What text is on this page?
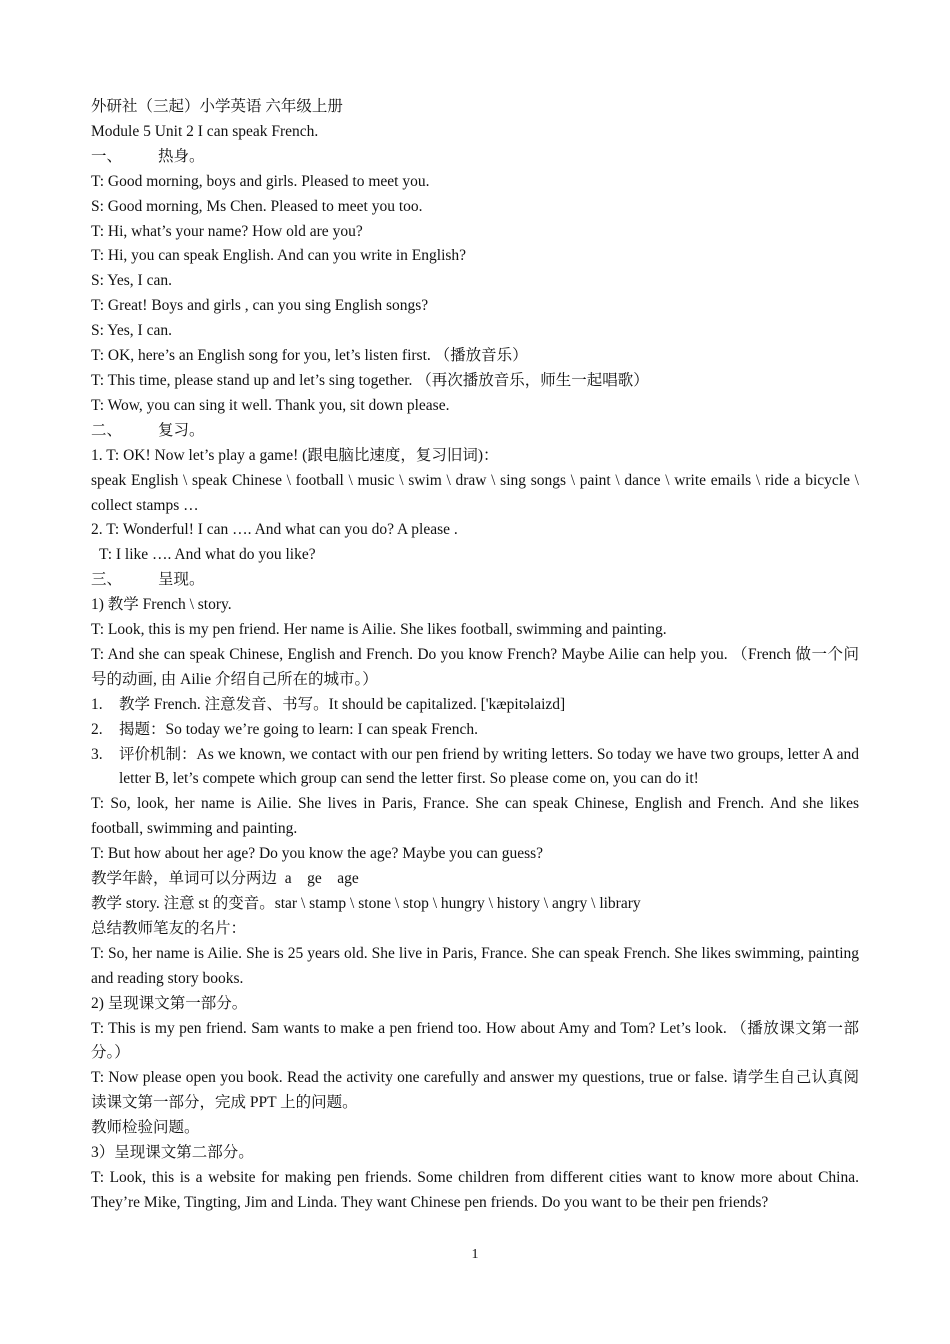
外研社（三起）小学英语 六年级上册
Module 5 Unit 2 I can speak French.
一、	热身。
T: Good morning, boys and girls. Pleased to meet you.
S: Good morning, Ms Chen. Pleased to meet you too.
T: Hi, what’s your name? How old are you?
T: Hi, you can speak English. And can you write in English?
S: Yes, I can.
T: Great! Boys and girls , can you sing English songs?
S: Yes, I can.
T: OK, here’s an English song for you, let’s listen first. （播放音乐）
T: This time, please stand up and let’s sing together. （再次播放音乐，师生一起唱歌）
T: Wow, you can sing it well. Thank you, sit down please.
二、	复习。
1. T: OK! Now let’s play a game! (跟电脑比速度，复习旧词)：
speak English \ speak Chinese \ football \ music \ swim \ draw \ sing songs \ paint \ dance \ write emails \ ride a bicycle \ collect stamps …
2. T: Wonderful! I can …. And what can you do? A please .
T: I like …. And what do you like?
三、	呈现。
1) 教学 French \ story.
T: Look, this is my pen friend. Her name is Ailie. She likes football, swimming and painting.
T: And she can speak Chinese, English and French. Do you know French? Maybe Ailie can help you. （French 做一个问号的动画, 由 Ailie 介绍自己所在的城市。）
1.	教学 French. 注意发音、书写。It should be capitalized. ['kæpitəlaizd]
2.	揭题：So today we’re going to learn: I can speak French.
3.	评价机制：As we known, we contact with our pen friend by writing letters. So today we have two groups, letter A and letter B, let’s compete which group can send the letter first. So please come on, you can do it!
T: So, look, her name is Ailie. She lives in Paris, France. She can speak Chinese, English and French. And she likes football, swimming and painting.
T: But how about her age? Do you know the age? Maybe you can guess?
教学年龄，单词可以分两边  a    ge    age
教学 story. 注意 st 的变音。star \ stamp \ stone \ stop \ hungry \ history \ angry \ library
总结教师笔友的名片：
T: So, her name is Ailie. She is 25 years old. She live in Paris, France. She can speak French. She likes swimming, painting and reading story books.
2) 呈现课文第一部分。
T: This is my pen friend. Sam wants to make a pen friend too. How about Amy and Tom? Let’s look. （播放课文第一部分。）
T: Now please open you book. Read the activity one carefully and answer my questions, true or false. 请学生自己认真阅读课文第一部分，完成 PPT 上的问题。
教师检验问题。
3）呈现课文第二部分。
T: Look, this is a website for making pen friends. Some children from different cities want to know more about China. They’re Mike, Tingting, Jim and Linda. They want Chinese pen friends. Do you want to be their pen friends?
1
